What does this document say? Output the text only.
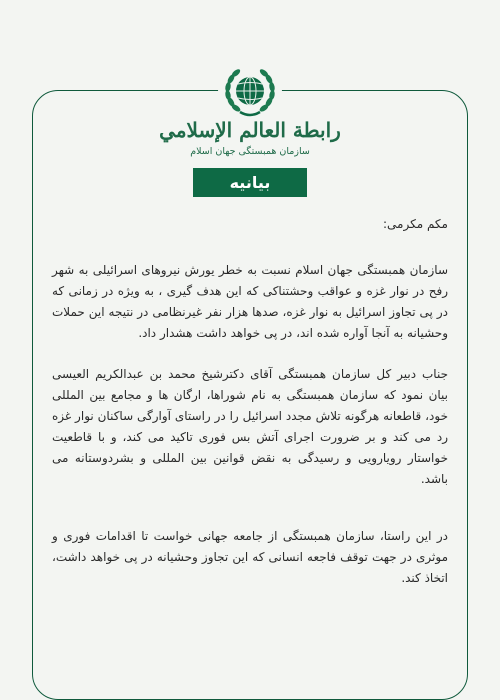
رابطة العالم الإسلامي
سازمان همبستگی جهان اسلام
بیانیه

مکم مکرمی:

سازمان همبستگی جهان اسلام نسبت به خطر یورش نیروهای اسرائیلی به شهر رفح در نوار غزه و عواقب وحشتناکی که این هدف گیری ، به ویژه در زمانی که در پی تجاوز اسرائیل به نوار غزه، صدها هزار نفر غیرنظامی در نتیجه این حملات وحشیانه به آنجا آواره شده اند، در پی خواهد داشت هشدار داد.

جناب دبیر کل سازمان همبستگی آقای دکترشیخ محمد بن عبدالکریم العیسی بیان نمود که سازمان همبستگی به نام شوراها، ارگان ها و مجامع بین المللی خود، قاطعانه هرگونه تلاش مجدد اسرائیل را در راستای آوارگی ساکنان نوار غزه رد می کند و بر ضرورت اجرای آتش بس فوری تاکید می کند، و با قاطعیت خواستار رویارویی و رسیدگی به نقض قوانین بین المللی و بشردوستانه می باشد.

در این راستا، سازمان همبستگی از جامعه جهانی خواست تا اقدامات فوری و موثری در جهت توقف فاجعه انسانی که این تجاوز وحشیانه در پی خواهد داشت، اتخاذ کند.
